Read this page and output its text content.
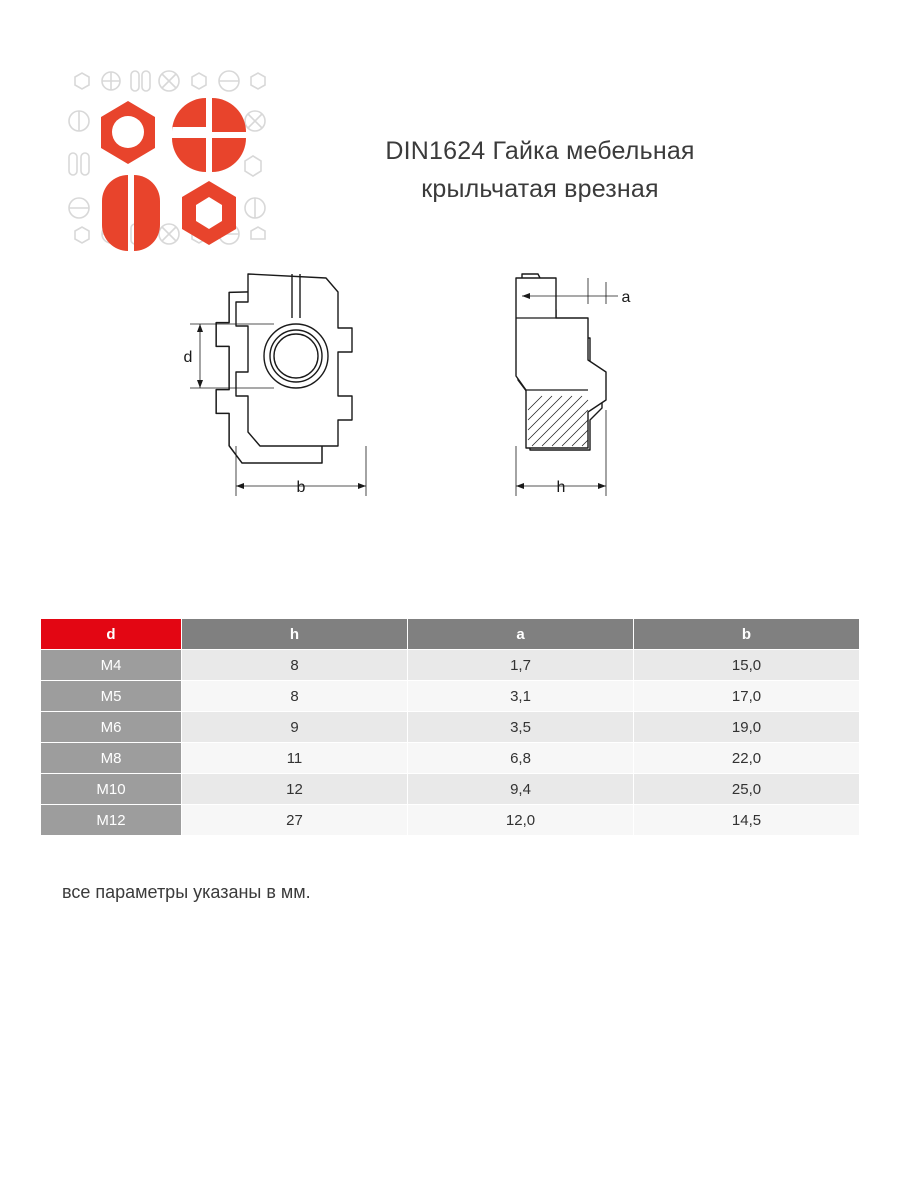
DIN1624 Гайка мебельная
крыльчатая врезная
d
b
a
h
d	h	a	b
M4	8	1,7	15,0
M5	8	3,1	17,0
M6	9	3,5	19,0
M8	11	6,8	22,0
M10	12	9,4	25,0
M12	27	12,0	14,5
все параметры указаны в мм.
